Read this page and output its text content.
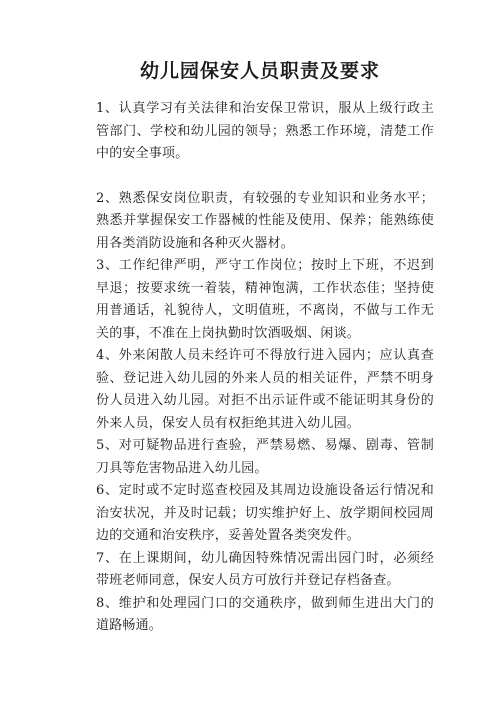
幼儿园保安人员职责及要求

1、认真学习有关法律和治安保卫常识，服从上级行政主管部门、学校和幼儿园的领导；熟悉工作环境，清楚工作中的安全事项。

2、熟悉保安岗位职责，有较强的专业知识和业务水平；熟悉并掌握保安工作器械的性能及使用、保养；能熟练使用各类消防设施和各种灭火器材。

3、工作纪律严明，严守工作岗位；按时上下班，不迟到早退；按要求统一着装，精神饱满，工作状态佳；坚持使用普通话，礼貌待人，文明值班，不离岗，不做与工作无关的事，不准在上岗执勤时饮酒吸烟、闲谈。

4、外来闲散人员未经许可不得放行进入园内；应认真查验、登记进入幼儿园的外来人员的相关证件，严禁不明身份人员进入幼儿园。对拒不出示证件或不能证明其身份的外来人员，保安人员有权拒绝其进入幼儿园。

5、对可疑物品进行查验，严禁易燃、易爆、剧毒、管制刀具等危害物品进入幼儿园。

6、定时或不定时巡查校园及其周边设施设备运行情况和治安状况，并及时记载；切实维护好上、放学期间校园周边的交通和治安秩序，妥善处置各类突发件。

7、在上课期间，幼儿确因特殊情况需出园门时，必须经带班老师同意，保安人员方可放行并登记存档备查。

8、维护和处理园门口的交通秩序，做到师生进出大门的道路畅通。
